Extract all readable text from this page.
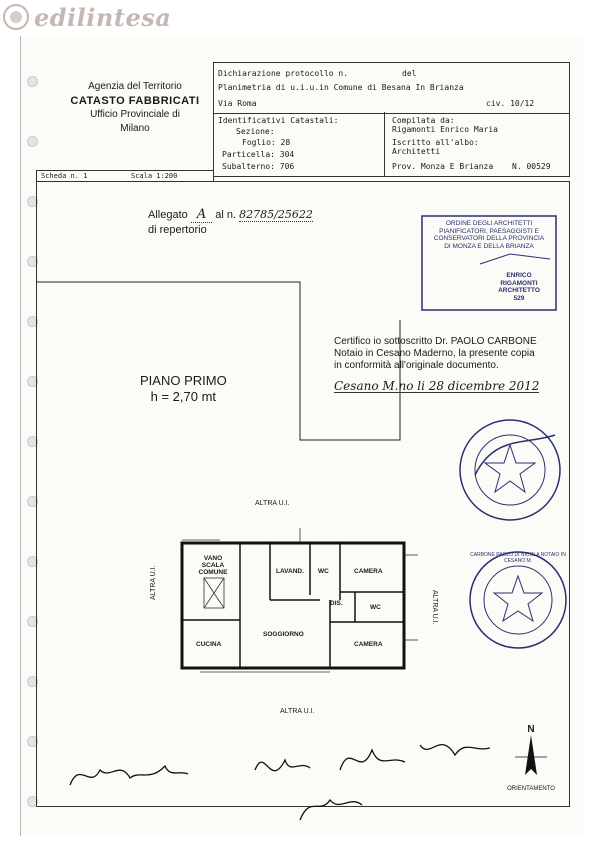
edilintesa
Agenzia del Territorio
CATASTO FABBRICATI
Ufficio Provinciale di
Milano
Dichiarazione protocollo n.	del
Planimetria di u.i.u.in Comune di Besana In Brianza
Via Roma	civ. 10/12
Identificativi Catastali:
Sezione:
Foglio: 28
Particella: 304
Subalterno: 706
Compilata da:
Rigamonti Enrico Maria
Iscritto all'albo:
Architetti
Prov. Monza E Brianza N. 00529
Scheda n. 1	Scala 1:200
Allegato A al n. 82785/25622
di repertorio
ORDINE DEGLI ARCHITETTI
PIANIFICATORI, PAESAGGISTI E
CONSERVATORI DELLA PROVINCIA
DI MONZA E DELLA BRIANZA
ENRICO
RIGAMONTI
ARCHITETTO
529
Certifico io sottoscritto Dr. PAOLO CARBONE
Notaio in Cesano Maderno, la presente copia
in conformità all'originale documento.
Cesano M.no li 28 dicembre 2012
PIANO PRIMO
h = 2,70 mt
CARBONE PAOLO DI NICOLA NOTAIO IN CESANO M.
ALTRA U.I.
ALTRA U.I.
ALTRA U.I.
ALTRA U.I.
VANO SCALA
COMUNE	LAVAND. WC	CAMERA
DIS.
WC
CUCINA
SOGGIORNO
CAMERA
N
ORIENTAMENTO
